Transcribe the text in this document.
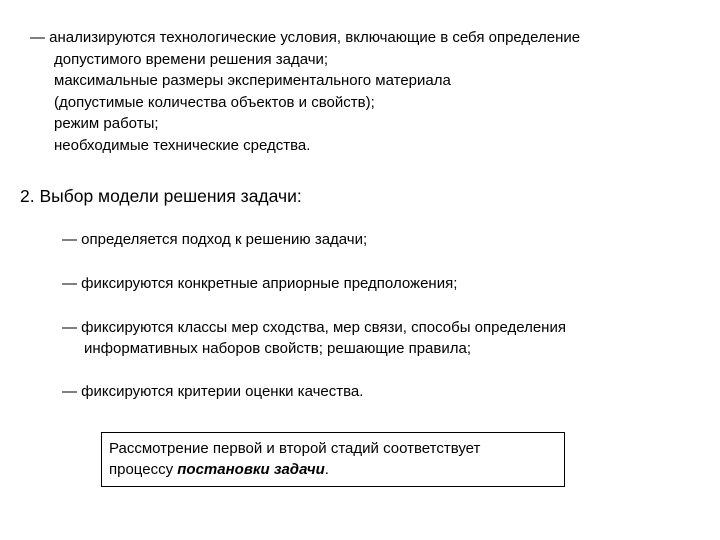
— анализируются технологические условия, включающие в себя определение
допустимого времени решения задачи;
максимальные размеры экспериментального материала
(допустимые количества объектов и свойств);
режим работы;
необходимые технические средства.
2. Выбор модели решения задачи:
— определяется подход к решению задачи;
— фиксируются конкретные априорные предположения;
— фиксируются классы мер сходства, мер связи, способы определения
информативных наборов свойств; решающие правила;
— фиксируются критерии оценки качества.
Рассмотрение первой и второй стадий соответствует
процессу постановки задачи.
